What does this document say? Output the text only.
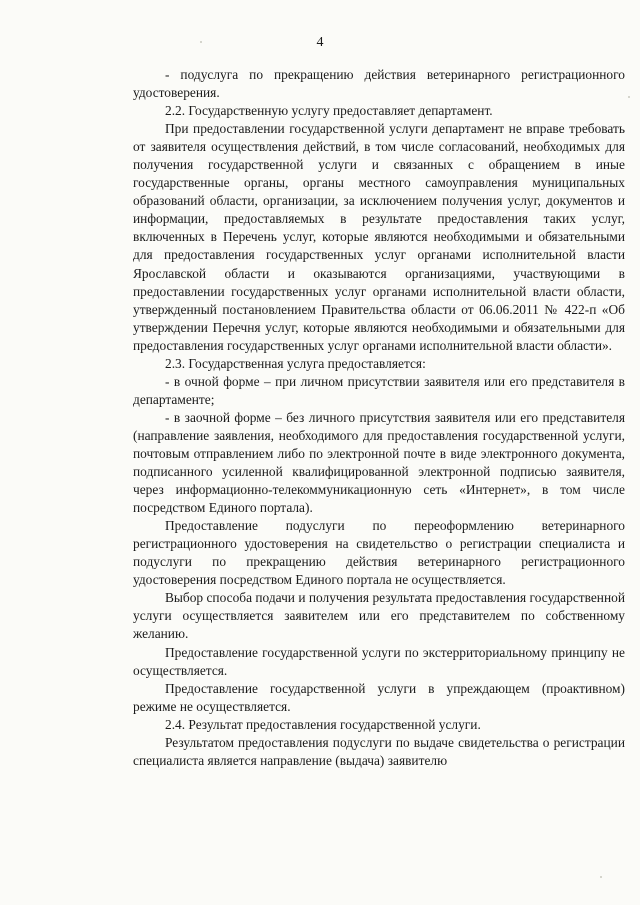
4

- подуслуга по прекращению действия ветеринарного регистрационного удостоверения.

2.2. Государственную услугу предоставляет департамент.

При предоставлении государственной услуги департамент не вправе требовать от заявителя осуществления действий, в том числе согласований, необходимых для получения государственной услуги и связанных с обращением в иные государственные органы, органы местного самоуправления муниципальных образований области, организации, за исключением получения услуг, документов и информации, предоставляемых в результате предоставления таких услуг, включенных в Перечень услуг, которые являются необходимыми и обязательными для предоставления государственных услуг органами исполнительной власти Ярославской области и оказываются организациями, участвующими в предоставлении государственных услуг органами исполнительной власти области, утвержденный постановлением Правительства области от 06.06.2011 № 422-п «Об утверждении Перечня услуг, которые являются необходимыми и обязательными для предоставления государственных услуг органами исполнительной власти области».

2.3. Государственная услуга предоставляется:

- в очной форме – при личном присутствии заявителя или его представителя в департаменте;

- в заочной форме – без личного присутствия заявителя или его представителя (направление заявления, необходимого для предоставления государственной услуги, почтовым отправлением либо по электронной почте в виде электронного документа, подписанного усиленной квалифицированной электронной подписью заявителя, через информационно-телекоммуникационную сеть «Интернет», в том числе посредством Единого портала).

Предоставление подуслуги по переоформлению ветеринарного регистрационного удостоверения на свидетельство о регистрации специалиста и подуслуги по прекращению действия ветеринарного регистрационного удостоверения посредством Единого портала не осуществляется.

Выбор способа подачи и получения результата предоставления государственной услуги осуществляется заявителем или его представителем по собственному желанию.

Предоставление государственной услуги по экстерриториальному принципу не осуществляется.

Предоставление государственной услуги в упреждающем (проактивном) режиме не осуществляется.

2.4. Результат предоставления государственной услуги.

Результатом предоставления подуслуги по выдаче свидетельства о регистрации специалиста является направление (выдача) заявителю
